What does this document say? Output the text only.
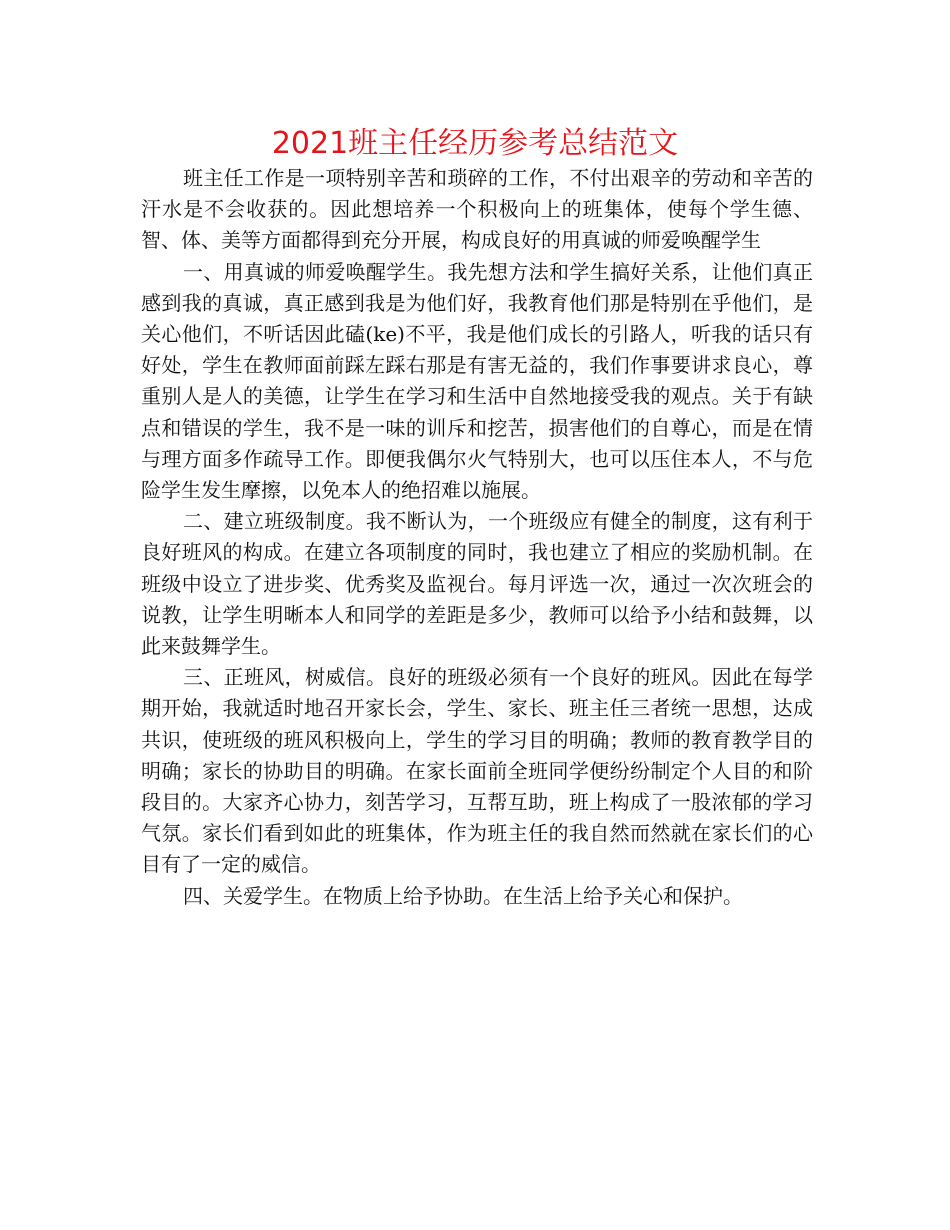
2021班主任经历参考总结范文

班主任工作是一项特别辛苦和琐碎的工作，不付出艰辛的劳动和辛苦的汗水是不会收获的。因此想培养一个积极向上的班集体，使每个学生德、智、体、美等方面都得到充分开展，构成良好的用真诚的师爱唤醒学生

一、用真诚的师爱唤醒学生。我先想方法和学生搞好关系，让他们真正感到我的真诚，真正感到我是为他们好，我教育他们那是特别在乎他们，是关心他们，不听话因此磕(ke)不平，我是他们成长的引路人，听我的话只有好处，学生在教师面前踩左踩右那是有害无益的，我们作事要讲求良心，尊重别人是人的美德，让学生在学习和生活中自然地接受我的观点。关于有缺点和错误的学生，我不是一味的训斥和挖苦，损害他们的自尊心，而是在情与理方面多作疏导工作。即便我偶尔火气特别大，也可以压住本人，不与危险学生发生摩擦，以免本人的绝招难以施展。

二、建立班级制度。我不断认为，一个班级应有健全的制度，这有利于良好班风的构成。在建立各项制度的同时，我也建立了相应的奖励机制。在班级中设立了进步奖、优秀奖及监视台。每月评选一次，通过一次次班会的说教，让学生明晰本人和同学的差距是多少，教师可以给予小结和鼓舞，以此来鼓舞学生。

三、正班风，树威信。良好的班级必须有一个良好的班风。因此在每学期开始，我就适时地召开家长会，学生、家长、班主任三者统一思想，达成共识，使班级的班风积极向上，学生的学习目的明确；教师的教育教学目的明确；家长的协助目的明确。在家长面前全班同学便纷纷制定个人目的和阶段目的。大家齐心协力，刻苦学习，互帮互助，班上构成了一股浓郁的学习气氛。家长们看到如此的班集体，作为班主任的我自然而然就在家长们的心目有了一定的威信。

四、关爱学生。在物质上给予协助。在生活上给予关心和保护。
